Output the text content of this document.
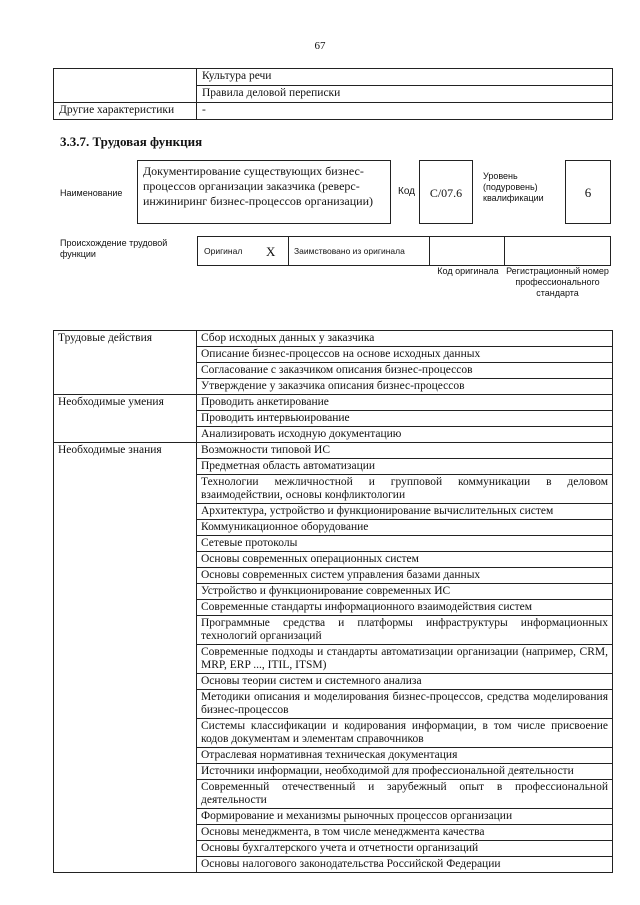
67
	Культура речи
	Правила деловой переписки
Другие характеристики	-
3.3.7. Трудовая функция
Наименование
Документирование существующих бизнес-процессов организации заказчика (реверс-инжиниринг бизнес-процессов организации)
Код	C/07.6
Уровень (подуровень) квалификации	6
Происхождение трудовой функции	Оригинал X Заимствовано из оригинала
Код оригинала Регистрационный номер профессионального стандарта
Трудовые действия	Сбор исходных данных у заказчика
	Описание бизнес-процессов на основе исходных данных
	Согласование с заказчиком описания бизнес-процессов
	Утверждение у заказчика описания бизнес-процессов
Необходимые умения	Проводить анкетирование
	Проводить интервьюирование
	Анализировать исходную документацию
Необходимые знания	Возможности типовой ИС
	Предметная область автоматизации
	Технологии межличностной и групповой коммуникации в деловом взаимодействии, основы конфликтологии
	Архитектура, устройство и функционирование вычислительных систем
	Коммуникационное оборудование
	Сетевые протоколы
	Основы современных операционных систем
	Основы современных систем управления базами данных
	Устройство и функционирование современных ИС
	Современные стандарты информационного взаимодействия систем
	Программные средства и платформы инфраструктуры информационных технологий организаций
	Современные подходы и стандарты автоматизации организации (например, CRM, MRP, ERP ..., ITIL, ITSM)
	Основы теории систем и системного анализа
	Методики описания и моделирования бизнес-процессов, средства моделирования бизнес-процессов
	Системы классификации и кодирования информации, в том числе присвоение кодов документам и элементам справочников
	Отраслевая нормативная техническая документация
	Источники информации, необходимой для профессиональной деятельности
	Современный отечественный и зарубежный опыт в профессиональной деятельности
	Формирование и механизмы рыночных процессов организации
	Основы менеджмента, в том числе менеджмента качества
	Основы бухгалтерского учета и отчетности организаций
	Основы налогового законодательства Российской Федерации
